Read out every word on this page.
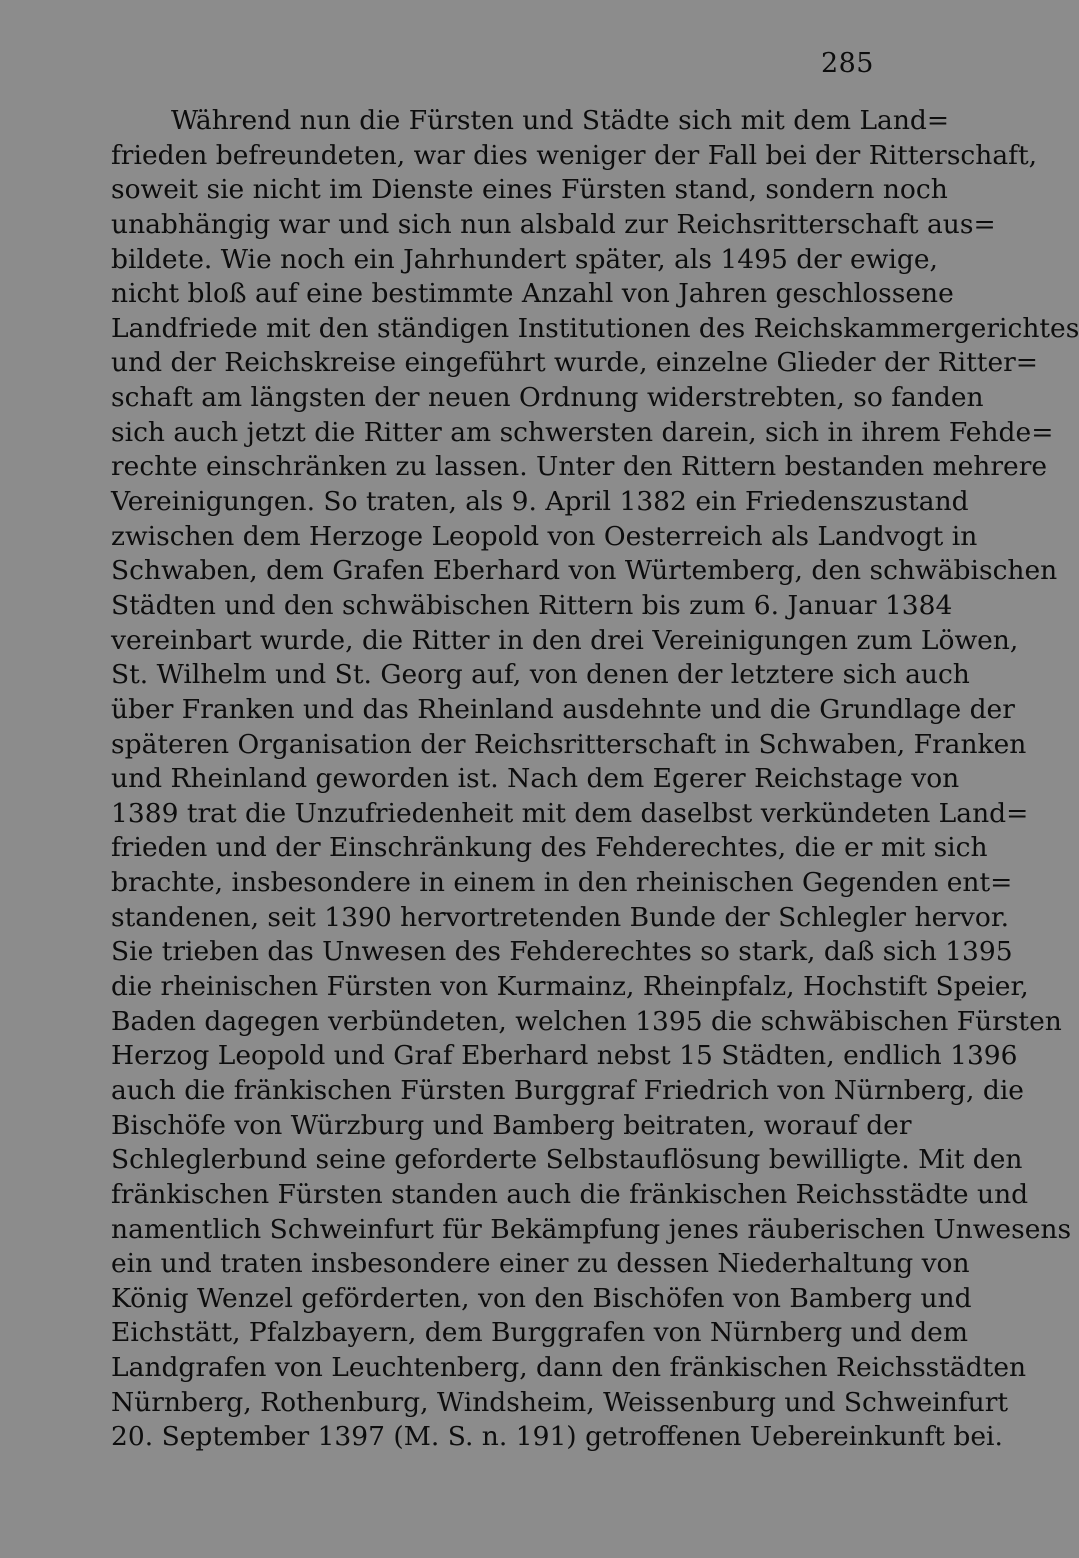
285
Während nun die Fürsten und Städte sich mit dem Land=
frieden befreundeten, war dies weniger der Fall bei der Ritterschaft,
soweit sie nicht im Dienste eines Fürsten stand, sondern noch
unabhängig war und sich nun alsbald zur Reichsritterschaft aus=
bildete. Wie noch ein Jahrhundert später, als 1495 der ewige,
nicht bloß auf eine bestimmte Anzahl von Jahren geschlossene
Landfriede mit den ständigen Institutionen des Reichskammergerichtes
und der Reichskreise eingeführt wurde, einzelne Glieder der Ritter=
schaft am längsten der neuen Ordnung widerstrebten, so fanden
sich auch jetzt die Ritter am schwersten darein, sich in ihrem Fehde=
rechte einschränken zu lassen. Unter den Rittern bestanden mehrere
Vereinigungen. So traten, als 9. April 1382 ein Friedenszustand
zwischen dem Herzoge Leopold von Oesterreich als Landvogt in
Schwaben, dem Grafen Eberhard von Würtemberg, den schwäbischen
Städten und den schwäbischen Rittern bis zum 6. Januar 1384
vereinbart wurde, die Ritter in den drei Vereinigungen zum Löwen,
St. Wilhelm und St. Georg auf, von denen der letztere sich auch
über Franken und das Rheinland ausdehnte und die Grundlage der
späteren Organisation der Reichsritterschaft in Schwaben, Franken
und Rheinland geworden ist. Nach dem Egerer Reichstage von
1389 trat die Unzufriedenheit mit dem daselbst verkündeten Land=
frieden und der Einschränkung des Fehderechtes, die er mit sich
brachte, insbesondere in einem in den rheinischen Gegenden ent=
standenen, seit 1390 hervortretenden Bunde der Schlegler hervor.
Sie trieben das Unwesen des Fehderechtes so stark, daß sich 1395
die rheinischen Fürsten von Kurmainz, Rheinpfalz, Hochstift Speier,
Baden dagegen verbündeten, welchen 1395 die schwäbischen Fürsten
Herzog Leopold und Graf Eberhard nebst 15 Städten, endlich 1396
auch die fränkischen Fürsten Burggraf Friedrich von Nürnberg, die
Bischöfe von Würzburg und Bamberg beitraten, worauf der
Schleglerbund seine geforderte Selbstauflösung bewilligte. Mit den
fränkischen Fürsten standen auch die fränkischen Reichsstädte und
namentlich Schweinfurt für Bekämpfung jenes räuberischen Unwesens
ein und traten insbesondere einer zu dessen Niederhaltung von
König Wenzel geförderten, von den Bischöfen von Bamberg und
Eichstätt, Pfalzbayern, dem Burggrafen von Nürnberg und dem
Landgrafen von Leuchtenberg, dann den fränkischen Reichsstädten
Nürnberg, Rothenburg, Windsheim, Weissenburg und Schweinfurt
20. September 1397 (M. S. n. 191) getroffenen Uebereinkunft bei.
